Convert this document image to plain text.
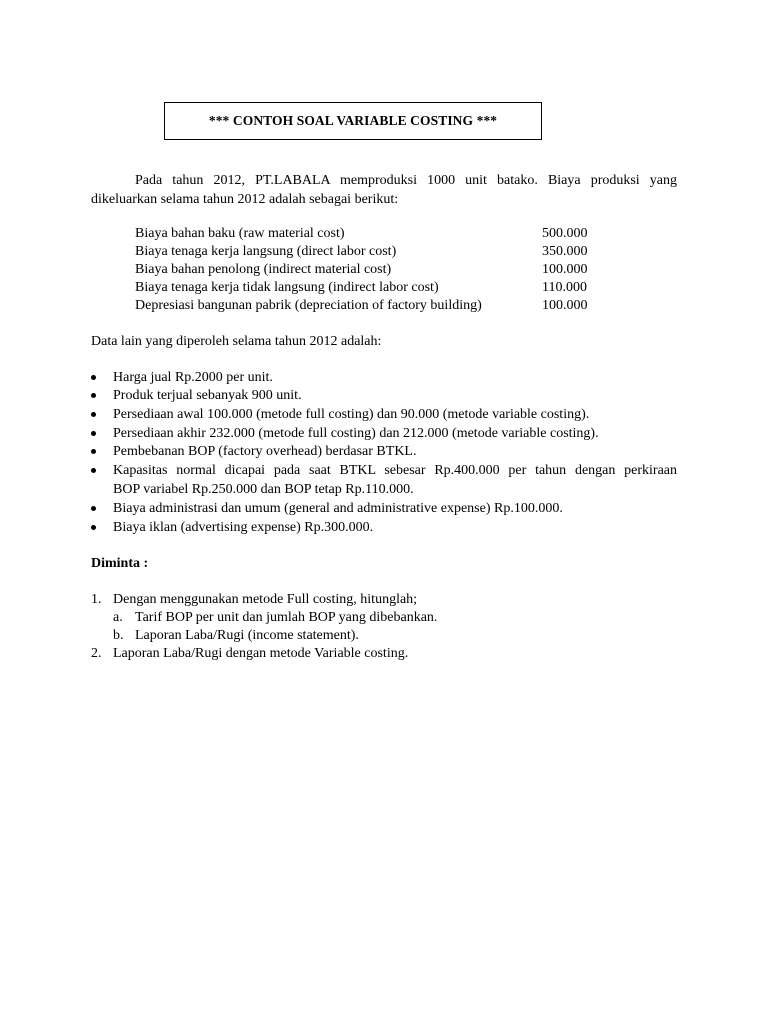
*** CONTOH SOAL VARIABLE COSTING ***
Pada tahun 2012, PT.LABALA memproduksi 1000 unit batako. Biaya produksi yang
dikeluarkan selama tahun 2012 adalah sebagai berikut:
Biaya bahan baku (raw material cost)	500.000
Biaya tenaga kerja langsung (direct labor cost)	350.000
Biaya bahan penolong (indirect material cost)	100.000
Biaya tenaga kerja tidak langsung (indirect labor cost)	110.000
Depresiasi bangunan pabrik (depreciation of factory building)	100.000
Data lain yang diperoleh selama tahun 2012 adalah:
Harga jual Rp.2000 per unit.
Produk terjual sebanyak 900 unit.
Persediaan awal 100.000 (metode full costing) dan 90.000 (metode variable costing).
Persediaan akhir 232.000 (metode full costing) dan 212.000 (metode variable costing).
Pembebanan BOP (factory overhead) berdasar BTKL.
Kapasitas normal dicapai pada saat BTKL sebesar Rp.400.000 per tahun dengan perkiraan
BOP variabel Rp.250.000 dan BOP tetap Rp.110.000.
Biaya administrasi dan umum (general and administrative expense) Rp.100.000.
Biaya iklan (advertising expense) Rp.300.000.
Diminta :
1. Dengan menggunakan metode Full costing, hitunglah;
a. Tarif BOP per unit dan jumlah BOP yang dibebankan.
b. Laporan Laba/Rugi (income statement).
2. Laporan Laba/Rugi dengan metode Variable costing.
